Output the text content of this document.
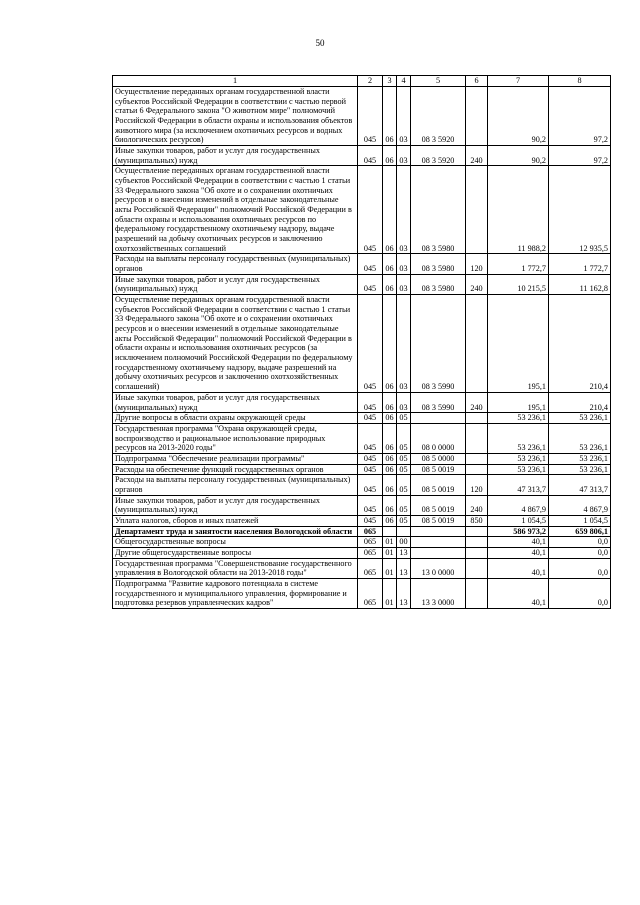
50
1	2	3	4	5	6	7	8
Осуществление переданных органам государственной власти субъектов Российской Федерации в соответствии с частью первой статьи 6 Федерального закона "О животном мире" полномочий Российской Федерации в области охраны и использования объектов животного мира (за исключением охотничьих ресурсов и водных биологических ресурсов)	045	06	03	08 3 5920		90,2	97,2
Иные закупки товаров, работ и услуг для государственных (муниципальных) нужд	045	06	03	08 3 5920	240	90,2	97,2
Осуществление переданных органам государственной власти субъектов Российской Федерации в соответствии с частью 1 статьи 33 Федерального закона "Об охоте и о сохранении охотничьих ресурсов и о внесении изменений в отдельные законодательные акты Российской Федерации" полномочий Российской Федерации в области охраны и использования охотничьих ресурсов по федеральному государственному охотничьему надзору, выдаче разрешений на добычу охотничьих ресурсов и заключению охотхозяйственных соглашений	045	06	03	08 3 5980		11 988,2	12 935,5
Расходы на выплаты персоналу государственных (муниципальных) органов	045	06	03	08 3 5980	120	1 772,7	1 772,7
Иные закупки товаров, работ и услуг для государственных (муниципальных) нужд	045	06	03	08 3 5980	240	10 215,5	11 162,8
Осуществление переданных органам государственной власти субъектов Российской Федерации в соответствии с частью 1 статьи 33 Федерального закона "Об охоте и о сохранении охотничьих ресурсов и о внесении изменений в отдельные законодательные акты Российской Федерации" полномочий Российской Федерации в области охраны и использования охотничьих ресурсов (за исключением полномочий Российской Федерации по федеральному государственному охотничьему надзору, выдаче разрешений на добычу охотничьих ресурсов и заключению охотхозяйственных соглашений)	045	06	03	08 3 5990		195,1	210,4
Иные закупки товаров, работ и услуг для государственных (муниципальных) нужд	045	06	03	08 3 5990	240	195,1	210,4
Другие вопросы в области охраны окружающей среды	045	06	05			53 236,1	53 236,1
Государственная программа "Охрана окружающей среды, воспроизводство и рациональное использование природных ресурсов на 2013-2020 годы"	045	06	05	08 0 0000		53 236,1	53 236,1
Подпрограмма "Обеспечение реализации программы"	045	06	05	08 5 0000		53 236,1	53 236,1
Расходы на обеспечение функций государственных органов	045	06	05	08 5 0019		53 236,1	53 236,1
Расходы на выплаты персоналу государственных (муниципальных) органов	045	06	05	08 5 0019	120	47 313,7	47 313,7
Иные закупки товаров, работ и услуг для государственных (муниципальных) нужд	045	06	05	08 5 0019	240	4 867,9	4 867,9
Уплата налогов, сборов и иных платежей	045	06	05	08 5 0019	850	1 054,5	1 054,5
Департамент труда и занятости населения Вологодской области	065					586 973,2	659 806,1
Общегосударственные вопросы	065	01	00			40,1	0,0
Другие общегосударственные вопросы	065	01	13			40,1	0,0
Государственная программа "Совершенствование государственного управления в Вологодской области на 2013-2018 годы"	065	01	13	13 0 0000		40,1	0,0
Подпрограмма "Развитие кадрового потенциала в системе государственного и муниципального управления, формирование и подготовка резервов управленческих кадров"	065	01	13	13 3 0000		40,1	0,0
